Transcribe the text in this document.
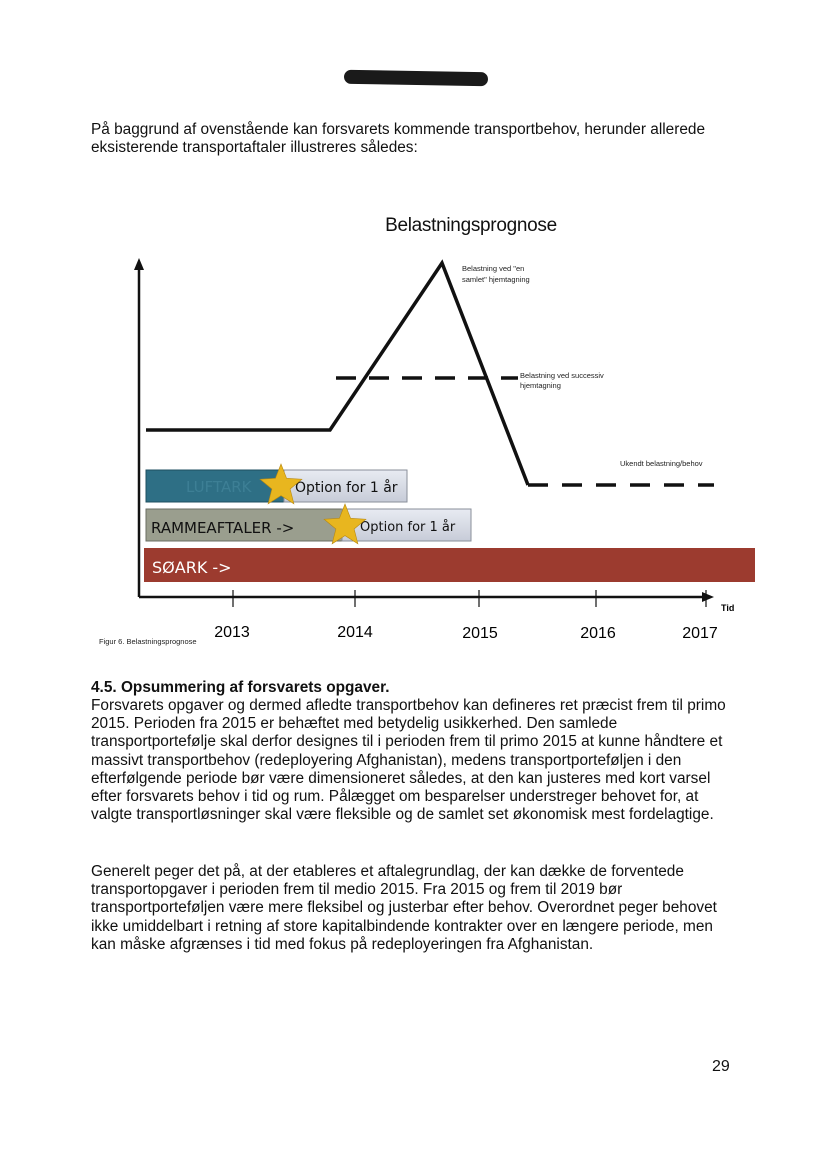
På baggrund af ovenstående kan forsvarets kommende transportbehov, herunder allerede eksisterende transportaftaler illustreres således:

Belastningsprognose
2013	2014	2015	2016	2017
Tid
SØARK ->
RAMMEAFTALER ->	Option for 1 år
LUFTARK	Option for 1 år
Belastning ved "en samlet" hjemtagning
Belastning ved successiv hjemtagning
Ukendt belastning/behov
Figur 6. Belastningsprognose
4.5. Opsummering af forsvarets opgaver.

Forsvarets opgaver og dermed afledte transportbehov kan defineres ret præcist frem til primo 2015. Perioden fra 2015 er behæftet med betydelig usikkerhed. Den samlede transportportefølje skal derfor designes til i perioden frem til primo 2015 at kunne håndtere et massivt transportbehov (redeployering Afghanistan), medens transportporteføljen i den efterfølgende periode bør være dimensioneret således, at den kan justeres med kort varsel efter forsvarets behov i tid og rum. Pålægget om besparelser understreger behovet for, at valgte transportløsninger skal være fleksible og de samlet set økonomisk mest fordelagtige.

Generelt peger det på, at der etableres et aftalegrundlag, der kan dække de forventede transportopgaver i perioden frem til medio 2015. Fra 2015 og frem til 2019 bør transportporteføljen være mere fleksibel og justerbar efter behov. Overordnet peger behovet ikke umiddelbart i retning af store kapitalbindende kontrakter over en længere periode, men kan måske afgrænses i tid med fokus på redeployeringen fra Afghanistan.

29
